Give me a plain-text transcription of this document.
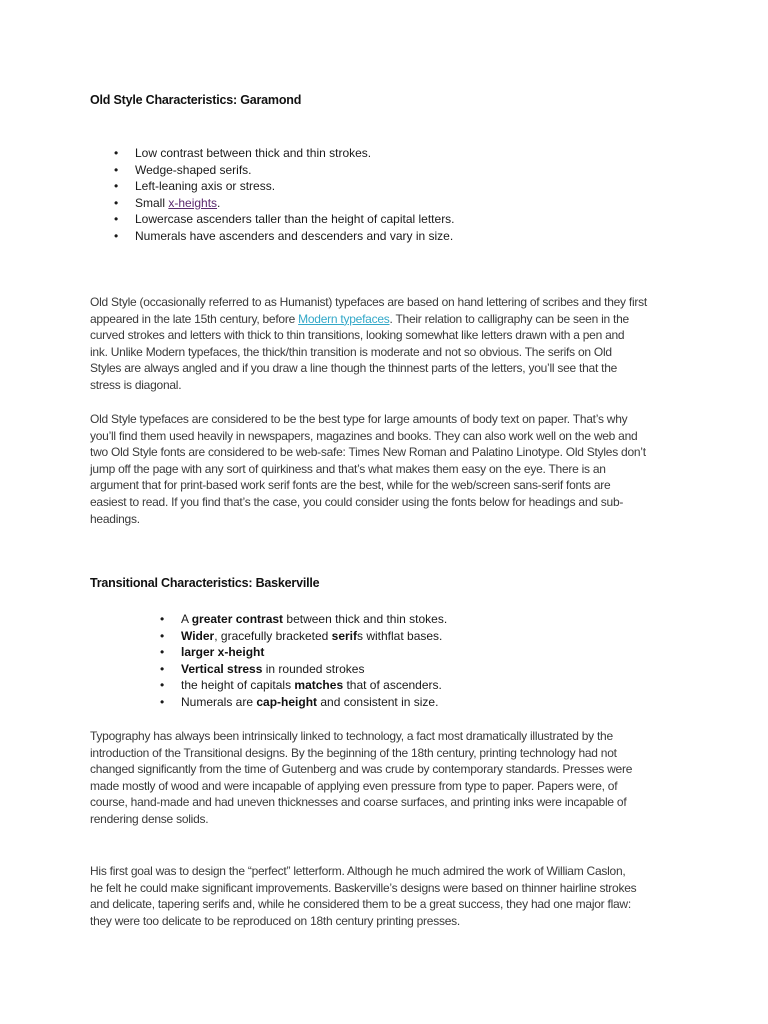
Old Style Characteristics: Garamond
• Low contrast between thick and thin strokes.
• Wedge-shaped serifs.
• Left-leaning axis or stress.
• Small x-heights.
• Lowercase ascenders taller than the height of capital letters.
• Numerals have ascenders and descenders and vary in size.
Old Style (occasionally referred to as Humanist) typefaces are based on hand lettering of scribes and they first
appeared in the late 15th century, before Modern typefaces. Their relation to calligraphy can be seen in the
curved strokes and letters with thick to thin transitions, looking somewhat like letters drawn with a pen and
ink. Unlike Modern typefaces, the thick/thin transition is moderate and not so obvious. The serifs on Old
Styles are always angled and if you draw a line though the thinnest parts of the letters, you’ll see that the
stress is diagonal.
Old Style typefaces are considered to be the best type for large amounts of body text on paper. That’s why
you’ll find them used heavily in newspapers, magazines and books. They can also work well on the web and
two Old Style fonts are considered to be web-safe: Times New Roman and Palatino Linotype. Old Styles don’t
jump off the page with any sort of quirkiness and that’s what makes them easy on the eye. There is an
argument that for print-based work serif fonts are the best, while for the web/screen sans-serif fonts are
easiest to read. If you find that’s the case, you could consider using the fonts below for headings and sub-
headings.
Transitional Characteristics: Baskerville
• A greater contrast between thick and thin stokes.
• Wider, gracefully bracketed serifs withflat bases.
• larger x-height
• Vertical stress in rounded strokes
• the height of capitals matches that of ascenders.
• Numerals are cap-height and consistent in size.
Typography has always been intrinsically linked to technology, a fact most dramatically illustrated by the
introduction of the Transitional designs. By the beginning of the 18th century, printing technology had not
changed significantly from the time of Gutenberg and was crude by contemporary standards. Presses were
made mostly of wood and were incapable of applying even pressure from type to paper. Papers were, of
course, hand-made and had uneven thicknesses and coarse surfaces, and printing inks were incapable of
rendering dense solids.
His first goal was to design the “perfect” letterform. Although he much admired the work of William Caslon,
he felt he could make significant improvements. Baskerville’s designs were based on thinner hairline strokes
and delicate, tapering serifs and, while he considered them to be a great success, they had one major flaw:
they were too delicate to be reproduced on 18th century printing presses.
